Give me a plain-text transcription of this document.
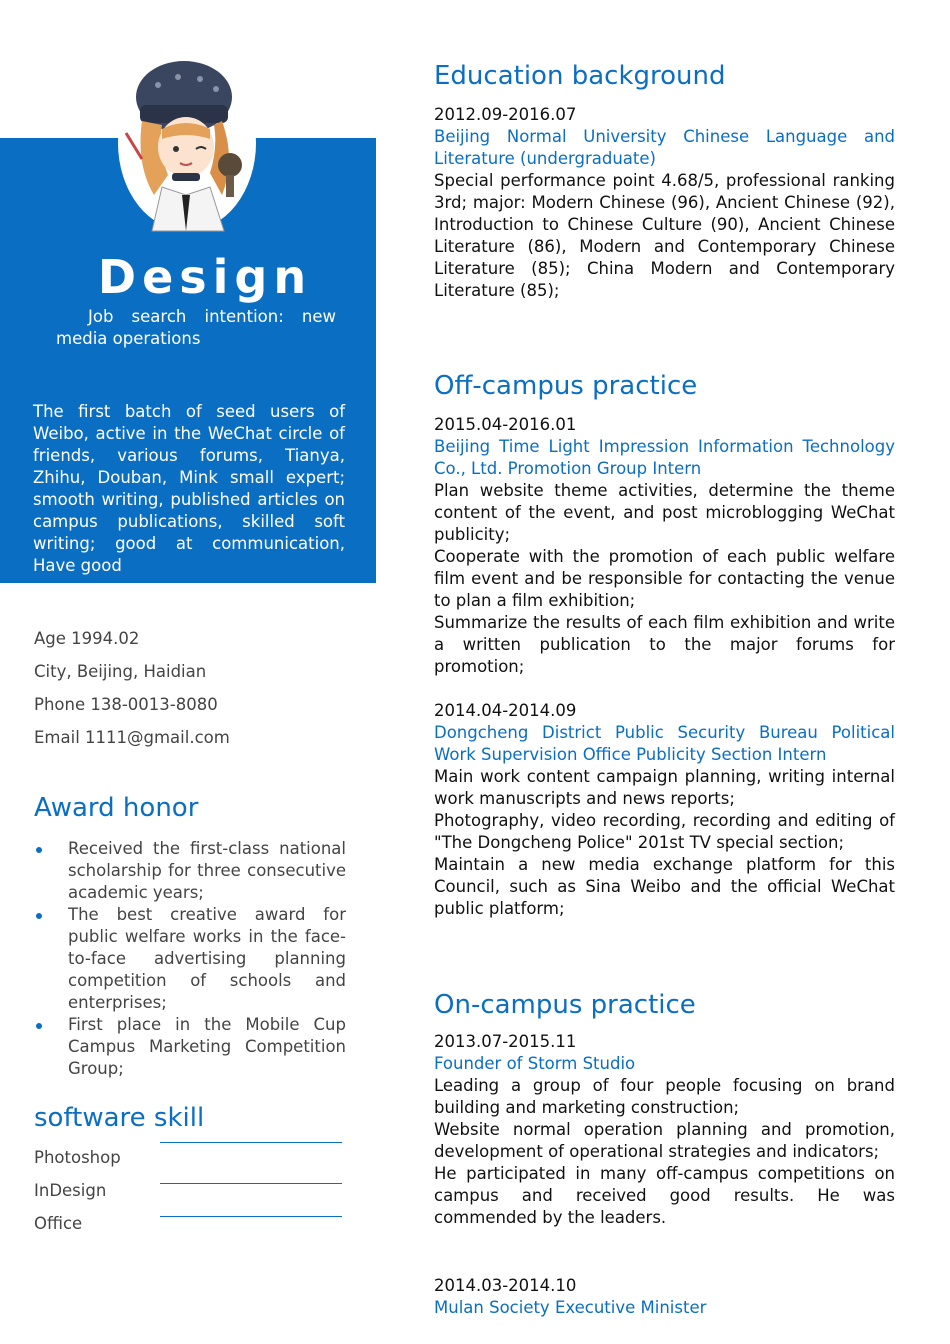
Design
Job search intention: new media operations
The first batch of seed users of Weibo, active in the WeChat circle of friends, various forums, Tianya, Zhihu, Douban, Mink small expert; smooth writing, published articles on campus publications, skilled soft writing; good at communication, Have good
Age 1994.02
City, Beijing, Haidian
Phone 138-0013-8080
Email 1111@gmail.com
Award honor
Received the first-class national scholarship for three consecutive academic years;
The best creative award for public welfare works in the face-to-face advertising planning competition of schools and enterprises;
First place in the Mobile Cup Campus Marketing Competition Group;
software skill
Photoshop
InDesign
Office
Education background
2012.09-2016.07
Beijing Normal University Chinese Language and Literature (undergraduate)

Special performance point 4.68/5, professional ranking 3rd; major: Modern Chinese (96), Ancient Chinese (92), Introduction to Chinese Culture (90), Ancient Chinese Literature (86), Modern and Contemporary Chinese Literature (85); China Modern and Contemporary Literature (85);

Off-campus practice
2015.04-2016.01
Beijing Time Light Impression Information Technology Co., Ltd. Promotion Group Intern

Plan website theme activities, determine the theme content of the event, and post microblogging WeChat publicity;

Cooperate with the promotion of each public welfare film event and be responsible for contacting the venue to plan a film exhibition;

Summarize the results of each film exhibition and write a written publication to the major forums for promotion;

2014.04-2014.09
Dongcheng District Public Security Bureau Political Work Supervision Office Publicity Section Intern

Main work content campaign planning, writing internal work manuscripts and news reports;

Photography, video recording, recording and editing of "The Dongcheng Police" 201st TV special section;

Maintain a new media exchange platform for this Council, such as Sina Weibo and the official WeChat public platform;

On-campus practice
2013.07-2015.11
Founder of Storm Studio

Leading a group of four people focusing on brand building and marketing construction;

Website normal operation planning and promotion, development of operational strategies and indicators;

He participated in many off-campus competitions on campus and received good results. He was commended by the leaders.

2014.03-2014.10
Mulan Society Executive Minister
